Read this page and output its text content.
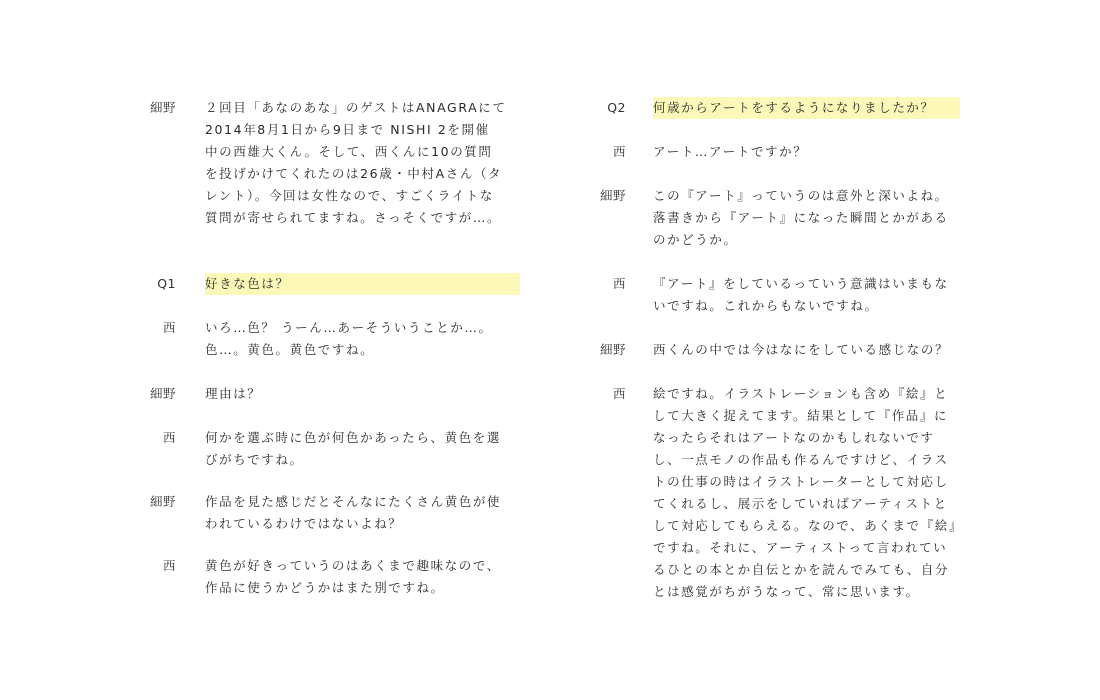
細野 ２回目「あなのあな」のゲストはANAGRAにて
2014年8月1日から9日まで NISHI 2を開催
中の西雄大くん。そして、西くんに10の質問
を投げかけてくれたのは26歳・中村Aさん（タ
レント）。今回は女性なので、すごくライトな
質問が寄せられてますね。さっそくですが…。
Q1 好きな色は？
西 いろ…色？ うーん…あーそういうことか…。
色…。黄色。黄色ですね。
細野 理由は？
西 何かを選ぶ時に色が何色かあったら、黄色を選
びがちですね。
細野 作品を見た感じだとそんなにたくさん黄色が使
われているわけではないよね？
西 黄色が好きっていうのはあくまで趣味なので、
作品に使うかどうかはまた別ですね。
Q2 何歳からアートをするようになりましたか？
西 アート…アートですか？
細野 この『アート』っていうのは意外と深いよね。
落書きから『アート』になった瞬間とかがある
のかどうか。
西 『アート』をしているっていう意識はいまもな
いですね。これからもないですね。
細野 西くんの中では今はなにをしている感じなの？
西 絵ですね。イラストレーションも含め『絵』と
して大きく捉えてます。結果として『作品』に
なったらそれはアートなのかもしれないです
し、一点モノの作品も作るんですけど、イラス
トの仕事の時はイラストレーターとして対応し
てくれるし、展示をしていればアーティストと
して対応してもらえる。なので、あくまで『絵』
ですね。それに、アーティストって言われてい
るひとの本とか自伝とかを読んでみても、自分
とは感覚がちがうなって、常に思います。
